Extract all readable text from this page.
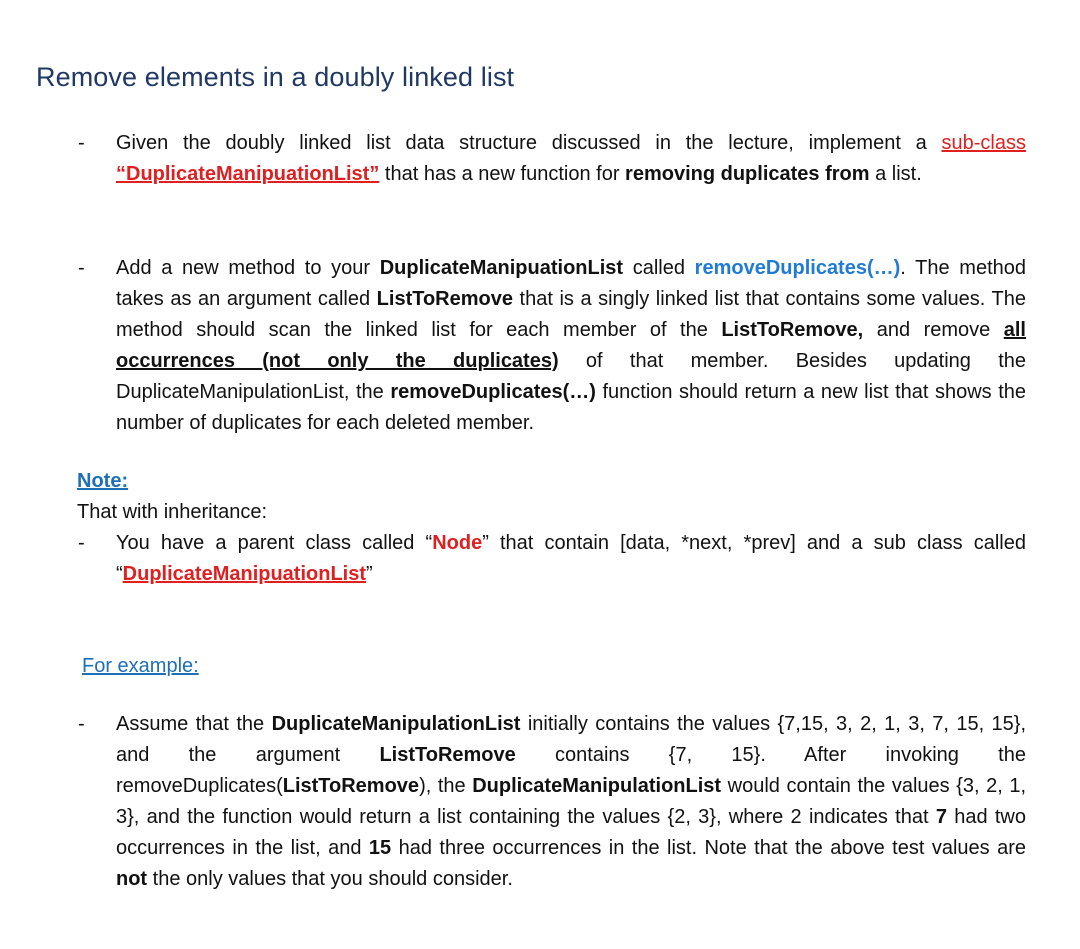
Remove elements in a doubly linked list
-	Given the doubly linked list data structure discussed in the lecture, implement a sub-class “DuplicateManipuationList” that has a new function for removing duplicates from a list.
-	Add a new method to your DuplicateManipuationList called removeDuplicates(…). The method takes as an argument called ListToRemove that is a singly linked list that contains some values. The method should scan the linked list for each member of the ListToRemove, and remove all occurrences (not only the duplicates) of that member. Besides updating the DuplicateManipulationList, the removeDuplicates(…) function should return a new list that shows the number of duplicates for each deleted member.
Note:
That with inheritance:
-	You have a parent class called “Node” that contain [data, *next, *prev] and a sub class called “DuplicateManipuationList”
For example:
-	Assume that the DuplicateManipulationList initially contains the values {7,15, 3, 2, 1, 3, 7, 15, 15}, and the argument ListToRemove contains {7, 15}. After invoking the removeDuplicates(ListToRemove), the DuplicateManipulationList would contain the values {3, 2, 1, 3}, and the function would return a list containing the values {2, 3}, where 2 indicates that 7 had two occurrences in the list, and 15 had three occurrences in the list. Note that the above test values are not the only values that you should consider.
